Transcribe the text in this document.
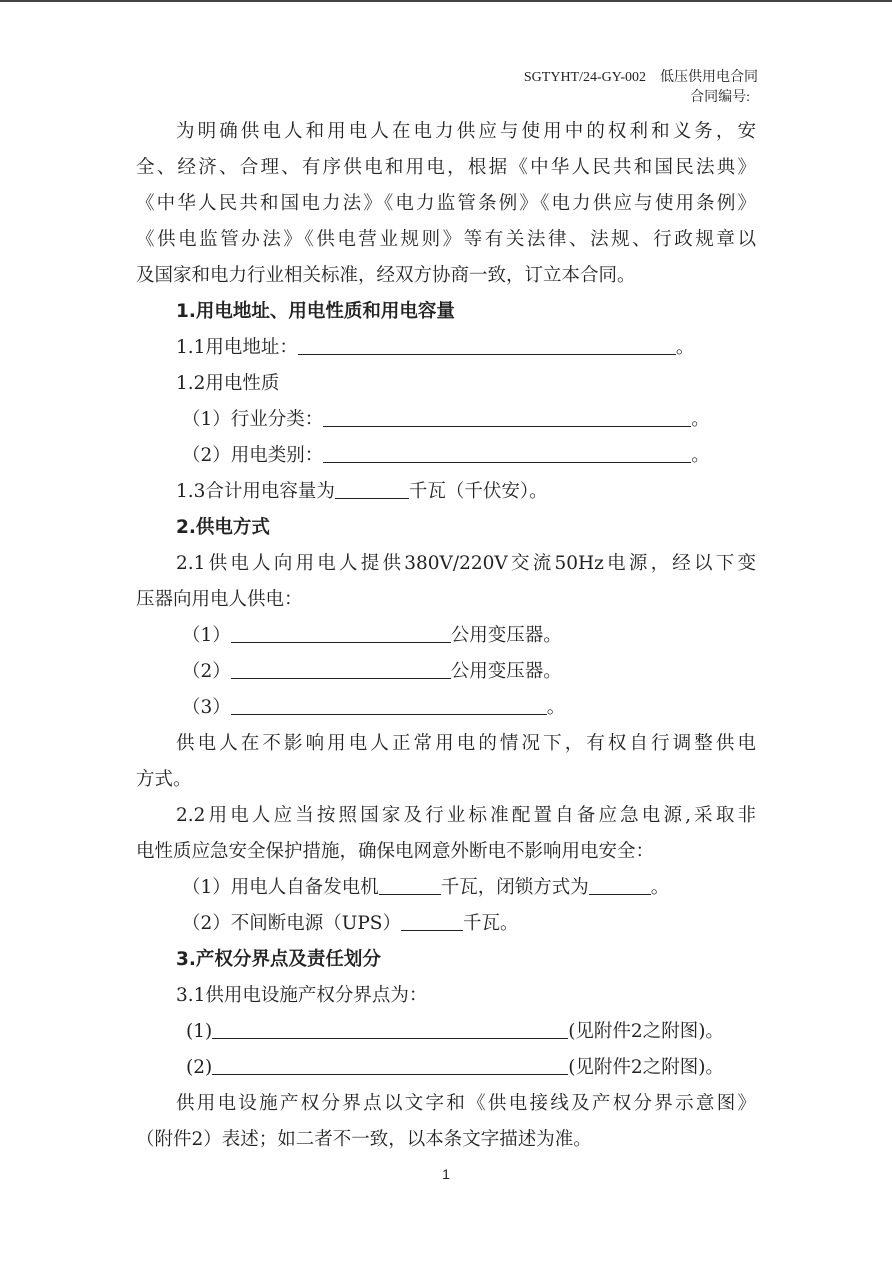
SGTYHT/24-GY-002 低压供用电合同
合同编号:
为明确供电人和用电人在电力供应与使用中的权利和义务，安
全、经济、合理、有序供电和用电，根据《中华人民共和国民法典》
《中华人民共和国电力法》《电力监管条例》《电力供应与使用条例》
《供电监管办法》《供电营业规则》等有关法律、法规、行政规章以
及国家和电力行业相关标准，经双方协商一致，订立本合同。
1.用电地址、用电性质和用电容量
1.1用电地址：	。
1.2用电性质
（1）行业分类：	。
（2）用电类别：	。
1.3合计用电容量为	千瓦（千伏安）。
2.供电方式
2.1供电人向用电人提供380V/220V交流50Hz电源，经以下变
压器向用电人供电：
（1）	公用变压器。
（2）	公用变压器。
（3）	。
供电人在不影响用电人正常用电的情况下，有权自行调整供电
方式。
2.2用电人应当按照国家及行业标准配置自备应急电源,采取非
电性质应急安全保护措施，确保电网意外断电不影响用电安全：
（1）用电人自备发电机	千瓦，闭锁方式为	。
（2）不间断电源（UPS）	千瓦。
3.产权分界点及责任划分
3.1供用电设施产权分界点为：
(1)	(见附件2之附图)。
(2)	(见附件2之附图)。
供用电设施产权分界点以文字和《供电接线及产权分界示意图》
（附件2）表述；如二者不一致，以本条文字描述为准。
1
